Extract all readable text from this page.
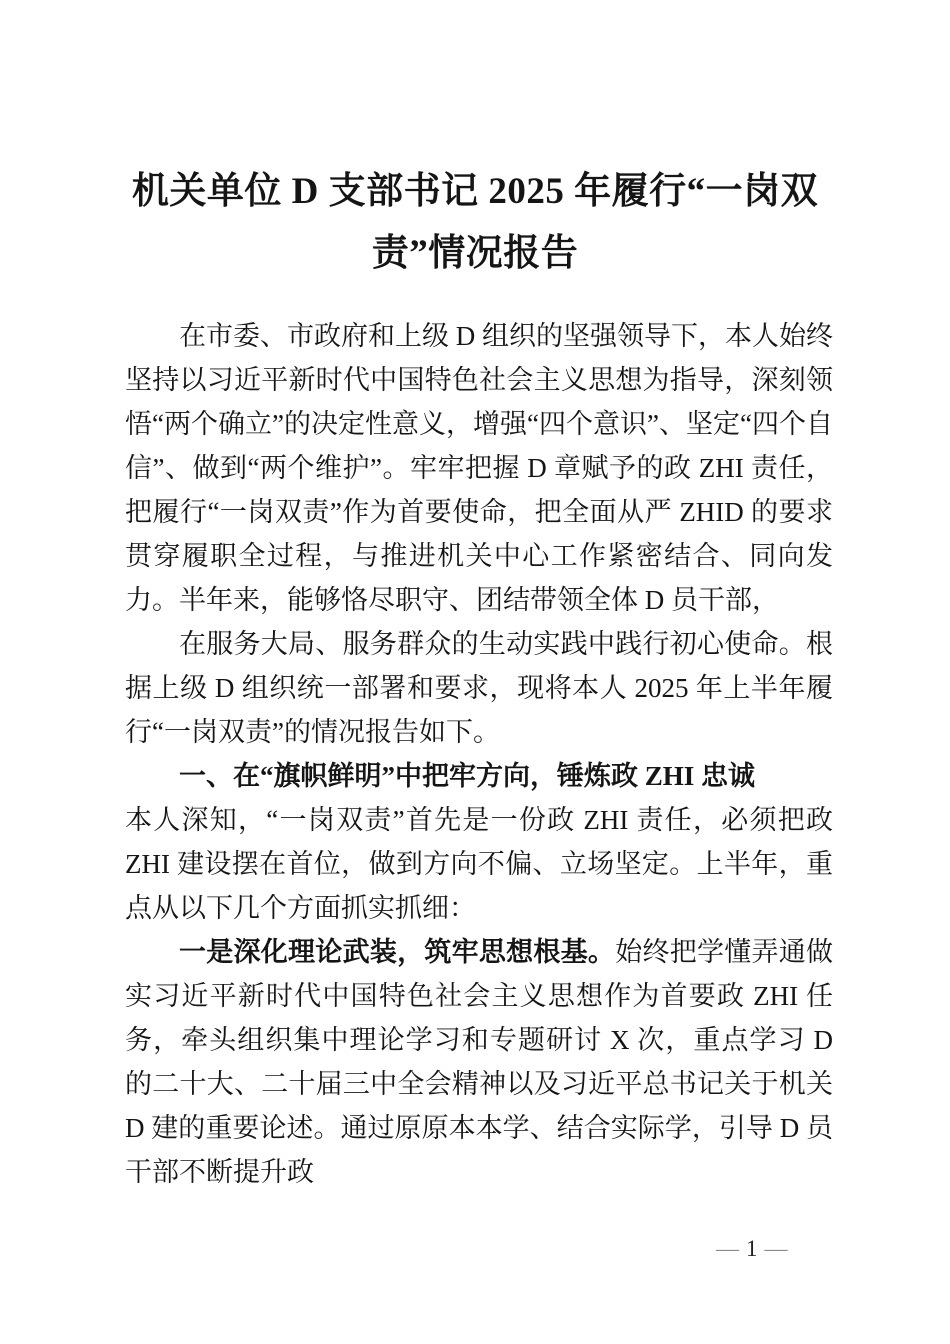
机关单位 D 支部书记 2025 年履行“一岗双责”情况报告

在市委、市政府和上级 D 组织的坚强领导下，本人始终坚持以习近平新时代中国特色社会主义思想为指导，深刻领悟“两个确立”的决定性意义，增强“四个意识”、坚定“四个自信”、做到“两个维护”。牢牢把握 D 章赋予的政 ZHI 责任，把履行“一岗双责”作为首要使命，把全面从严 ZHID 的要求贯穿履职全过程，与推进机关中心工作紧密结合、同向发力。半年来，能够恪尽职守、团结带领全体 D 员干部，

在服务大局、服务群众的生动实践中践行初心使命。根据上级 D 组织统一部署和要求，现将本人 2025 年上半年履行“一岗双责”的情况报告如下。

一、在“旗帜鲜明”中把牢方向，锤炼政 ZHI 忠诚

本人深知，“一岗双责”首先是一份政 ZHI 责任，必须把政 ZHI 建设摆在首位，做到方向不偏、立场坚定。上半年，重点从以下几个方面抓实抓细：

一是深化理论武装，筑牢思想根基。始终把学懂弄通做实习近平新时代中国特色社会主义思想作为首要政 ZHI 任务，牵头组织集中理论学习和专题研讨 X 次，重点学习 D 的二十大、二十届三中全会精神以及习近平总书记关于机关 D 建的重要论述。通过原原本本学、结合实际学，引导 D 员干部不断提升政

— 1 —
